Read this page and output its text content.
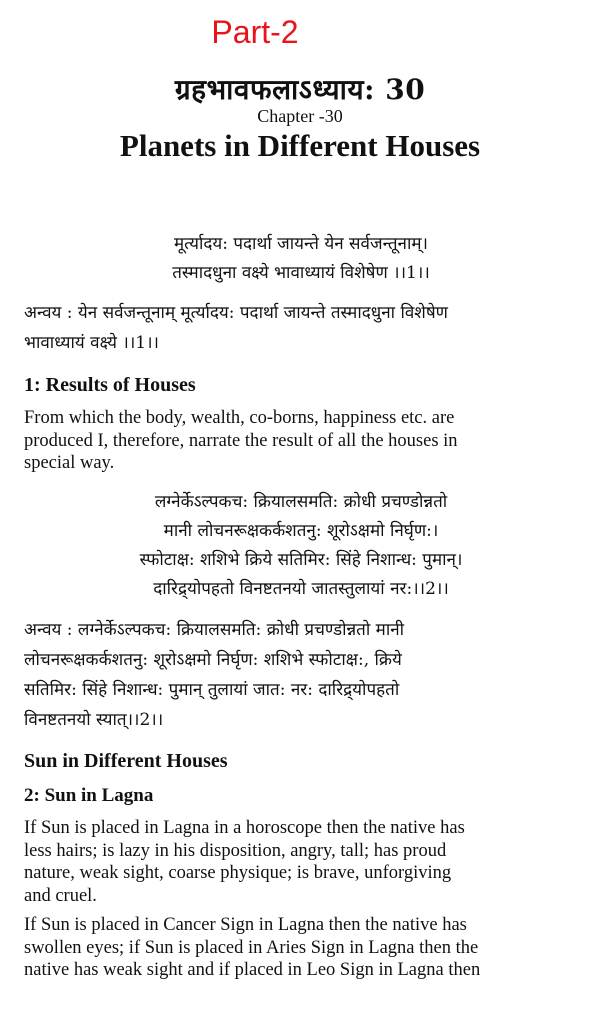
Part-2
ग्रहभावफलाऽध्याय: 30
Chapter -30
Planets in Different Houses
मूर्त्यादय: पदार्था जायन्ते येन सर्वजन्तूनाम्।
तस्मादधुना वक्ष्ये भावाध्यायं विशेषेण ।।1।।
अन्वय : येन सर्वजन्तूनाम् मूर्त्यादय: पदार्था जायन्ते तस्मादधुना विशेषेण
भावाध्यायं वक्ष्ये ।।1।।
1: Results of Houses
From which the body, wealth, co-borns, happiness etc. are
produced I, therefore, narrate the result of all the houses in
special way.
लग्नेर्केऽल्पकच: क्रियालसमति: क्रोधी प्रचण्डोन्नतो
मानी लोचनरूक्षकर्कशतनु: शूरोऽक्षमो निर्घृण:।
स्फोटाक्ष: शशिभे क्रिये सतिमिर: सिंहे निशान्ध: पुमान्।
दारिद्र्योपहतो विनष्टतनयो जातस्तुलायां नर:।।2।।
अन्वय : लग्नेर्केऽल्पकच: क्रियालसमति: क्रोधी प्रचण्डोन्नतो मानी
लोचनरूक्षकर्कशतनु: शूरोऽक्षमो निर्घृण: शशिभे स्फोटाक्ष:, क्रिये
सतिमिर: सिंहे निशान्ध: पुमान् तुलायां जात: नर: दारिद्र्योपहतो
विनष्टतनयो स्यात्।।2।।
Sun in Different Houses
2: Sun in Lagna
If Sun is placed in Lagna in a horoscope then the native has
less hairs; is lazy in his disposition, angry, tall; has proud
nature, weak sight, coarse physique; is brave, unforgiving
and cruel.
If Sun is placed in Cancer Sign in Lagna then the native has
swollen eyes; if Sun is placed in Aries Sign in Lagna then the
native has weak sight and if placed in Leo Sign in Lagna then
